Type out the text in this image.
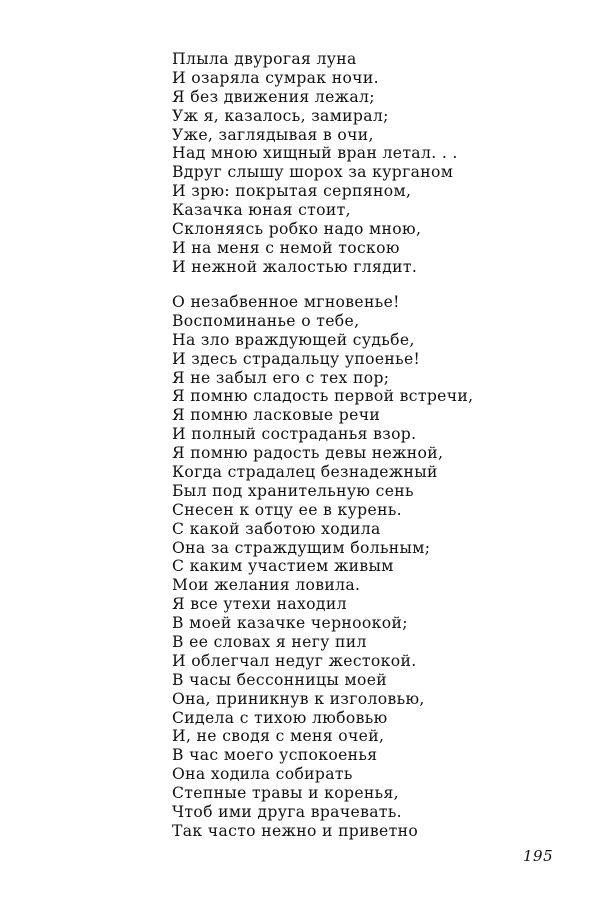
Плыла двурогая луна
И озаряла сумрак ночи.
Я без движения лежал;
Уж я, казалось, замирал;
Уже, заглядывая в очи,
Над мною хищный вран летал. . .
Вдруг слышу шорох за курганом
И зрю: покрытая серпяном,
Казачка юная стоит,
Склоняясь робко надо мною,
И на меня с немой тоскою
И нежной жалостью глядит.
О незабвенное мгновенье!
Воспоминанье о тебе,
На зло враждующей судьбе,
И здесь страдальцу упоенье!
Я не забыл его с тех пор;
Я помню сладость первой встречи,
Я помню ласковые речи
И полный состраданья взор.
Я помню радость девы нежной,
Когда страдалец безнадежный
Был под хранительную сень
Снесен к отцу ее в курень.
С какой заботою ходила
Она за страждущим больным;
С каким участием живым
Мои желания ловила.
Я все утехи находил
В моей казачке черноокой;
В ее словах я негу пил
И облегчал недуг жестокой.
В часы бессонницы моей
Она, приникнув к изголовью,
Сидела с тихою любовью
И, не сводя с меня очей,
В час моего успокоенья
Она ходила собирать
Степные травы и коренья,
Чтоб ими друга врачевать.
Так часто нежно и приветно
195
